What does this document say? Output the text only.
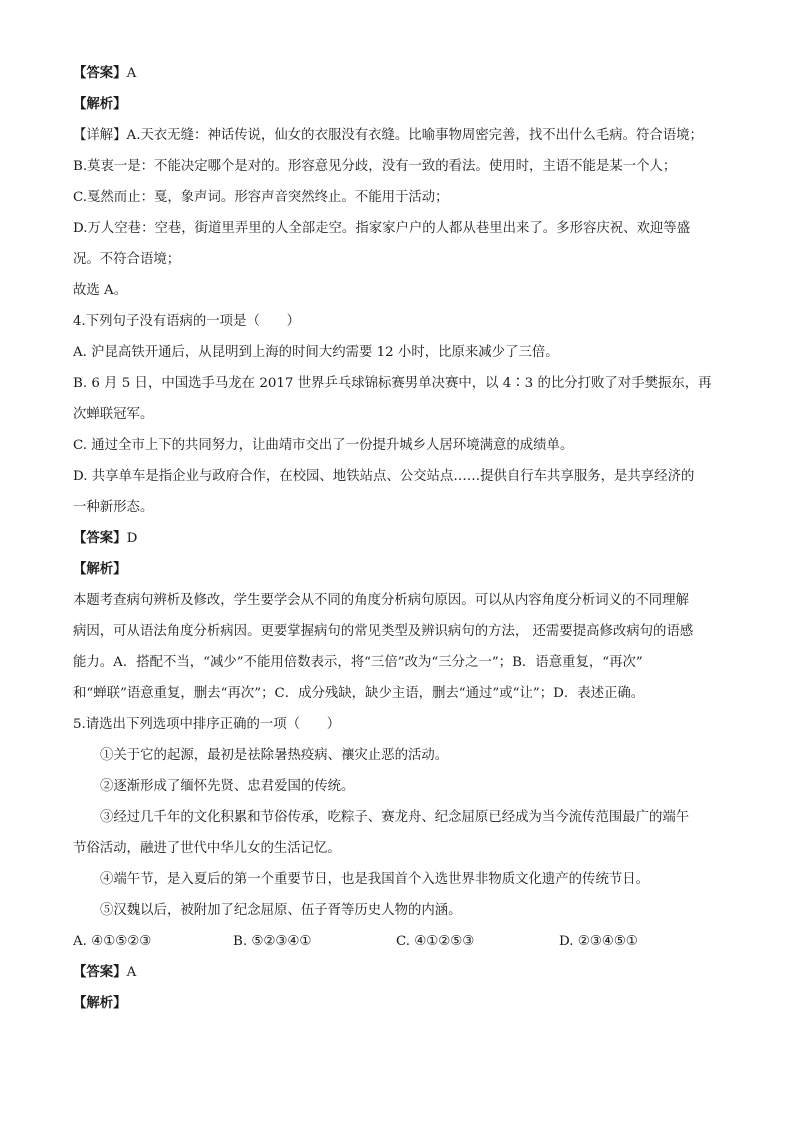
【答案】A
【解析】
【详解】A.天衣无缝：神话传说，仙女的衣服没有衣缝。比喻事物周密完善，找不出什么毛病。符合语境；
B.莫衷一是：不能决定哪个是对的。形容意见分歧，没有一致的看法。使用时，主语不能是某一个人；
C.戛然而止：戛，象声词。形容声音突然终止。不能用于活动；
D.万人空巷：空巷，街道里弄里的人全部走空。指家家户户的人都从巷里出来了。多形容庆祝、欢迎等盛
况。不符合语境；
故选 A。
4.下列句子没有语病的一项是（　　）
A. 沪昆高铁开通后，从昆明到上海的时间大约需要 12 小时，比原来减少了三倍。
B. 6 月 5 日，中国选手马龙在 2017 世界乒乓球锦标赛男单决赛中，以 4∶3 的比分打败了对手樊振东，再
次蝉联冠军。
C. 通过全市上下的共同努力，让曲靖市交出了一份提升城乡人居环境满意的成绩单。
D. 共享单车是指企业与政府合作，在校园、地铁站点、公交站点……提供自行车共享服务，是共享经济的
一种新形态。
【答案】D
【解析】
本题考查病句辨析及修改，学生要学会从不同的角度分析病句原因。可以从内容角度分析词义的不同理解
病因，可从语法角度分析病因。更要掌握病句的常见类型及辨识病句的方法， 还需要提高修改病句的语感
能力。A．搭配不当，“减少”不能用倍数表示，将“三倍”改为“三分之一”；B．语意重复，“再次”
和“蝉联”语意重复，删去“再次”；C．成分残缺，缺少主语，删去“通过”或“让”；D．表述正确。
5.请选出下列选项中排序正确的一项（　　）
①关于它的起源，最初是祛除暑热疫病、禳灾止恶的活动。
②逐渐形成了缅怀先贤、忠君爱国的传统。
③经过几千年的文化积累和节俗传承，吃粽子、赛龙舟、纪念屈原已经成为当今流传范围最广的端午
节俗活动，融进了世代中华儿女的生活记忆。
④端午节，是入夏后的第一个重要节日，也是我国首个入选世界非物质文化遗产的传统节日。
⑤汉魏以后，被附加了纪念屈原、伍子胥等历史人物的内涵。
A. ④①⑤②③	B. ⑤②③④①	C. ④①②⑤③	D. ②③④⑤①
【答案】A
【解析】
